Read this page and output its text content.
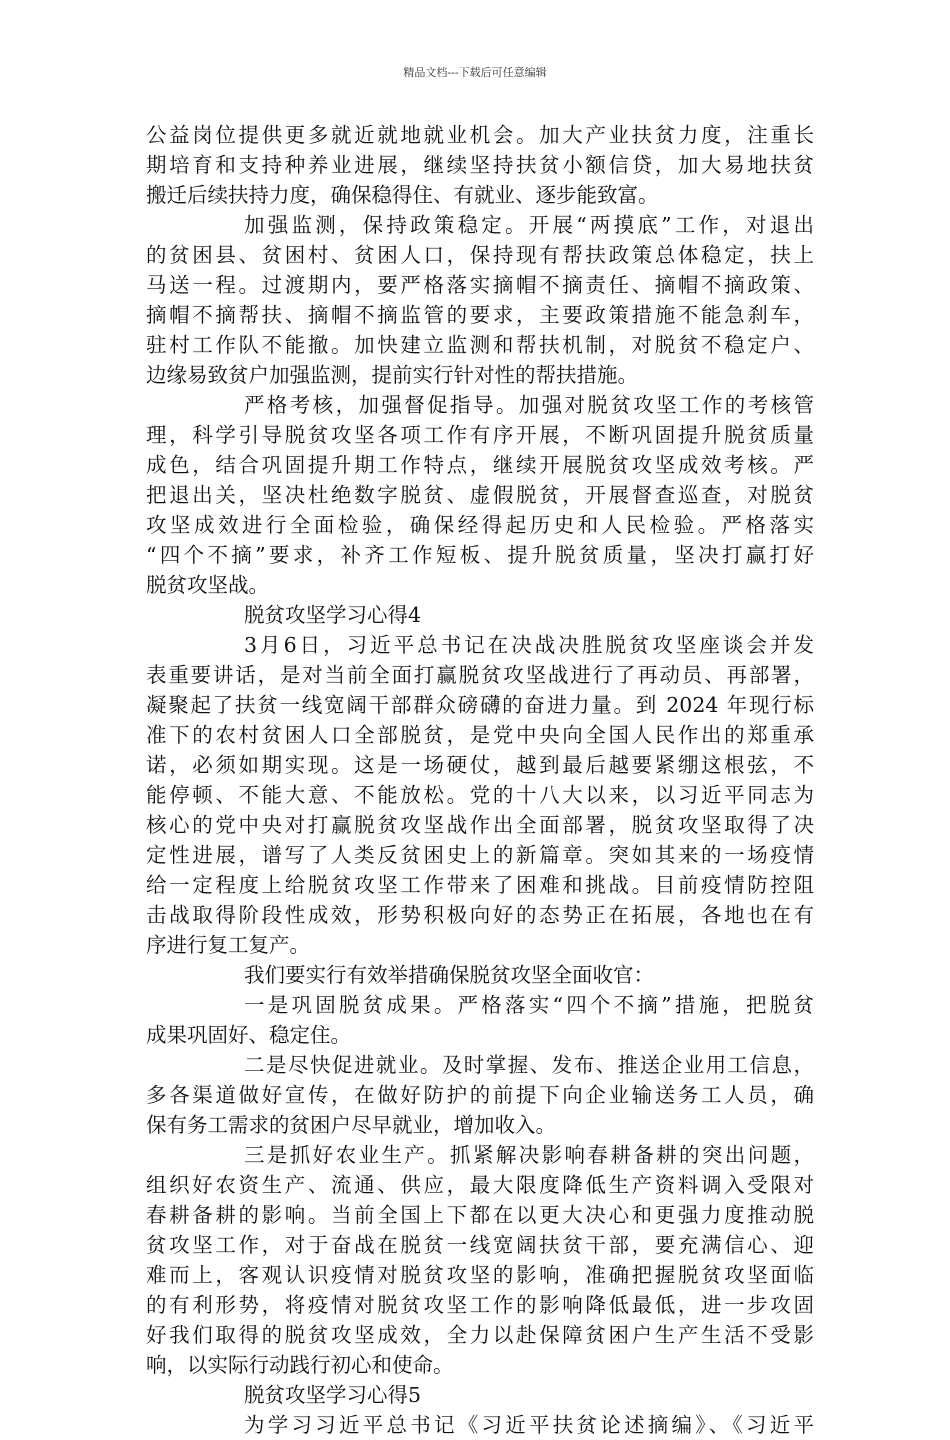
精品文档---下载后可任意编辑
公益岗位提供更多就近就地就业机会。加大产业扶贫力度，注重长
期培育和支持种养业进展，继续坚持扶贫小额信贷，加大易地扶贫
搬迁后续扶持力度，确保稳得住、有就业、逐步能致富。
加强监测，保持政策稳定。开展“两摸底”工作，对退出
的贫困县、贫困村、贫困人口，保持现有帮扶政策总体稳定，扶上
马送一程。过渡期内，要严格落实摘帽不摘责任、摘帽不摘政策、
摘帽不摘帮扶、摘帽不摘监管的要求，主要政策措施不能急刹车，
驻村工作队不能撤。加快建立监测和帮扶机制，对脱贫不稳定户、
边缘易致贫户加强监测，提前实行针对性的帮扶措施。
严格考核，加强督促指导。加强对脱贫攻坚工作的考核管
理，科学引导脱贫攻坚各项工作有序开展，不断巩固提升脱贫质量
成色，结合巩固提升期工作特点，继续开展脱贫攻坚成效考核。严
把退出关，坚决杜绝数字脱贫、虚假脱贫，开展督查巡查，对脱贫
攻坚成效进行全面检验，确保经得起历史和人民检验。严格落实
“四个不摘”要求，补齐工作短板、提升脱贫质量，坚决打赢打好
脱贫攻坚战。
脱贫攻坚学习心得4
3月6日，习近平总书记在决战决胜脱贫攻坚座谈会并发
表重要讲话，是对当前全面打赢脱贫攻坚战进行了再动员、再部署，
凝聚起了扶贫一线宽阔干部群众磅礴的奋进力量。到 2024 年现行标
准下的农村贫困人口全部脱贫，是党中央向全国人民作出的郑重承
诺，必须如期实现。这是一场硬仗，越到最后越要紧绷这根弦，不
能停顿、不能大意、不能放松。党的十八大以来，以习近平同志为
核心的党中央对打赢脱贫攻坚战作出全面部署，脱贫攻坚取得了决
定性进展，谱写了人类反贫困史上的新篇章。突如其来的一场疫情
给一定程度上给脱贫攻坚工作带来了困难和挑战。目前疫情防控阻
击战取得阶段性成效，形势积极向好的态势正在拓展，各地也在有
序进行复工复产。
我们要实行有效举措确保脱贫攻坚全面收官：
一是巩固脱贫成果。严格落实“四个不摘”措施，把脱贫
成果巩固好、稳定住。
二是尽快促进就业。及时掌握、发布、推送企业用工信息，
多各渠道做好宣传，在做好防护的前提下向企业输送务工人员，确
保有务工需求的贫困户尽早就业，增加收入。
三是抓好农业生产。抓紧解决影响春耕备耕的突出问题，
组织好农资生产、流通、供应，最大限度降低生产资料调入受限对
春耕备耕的影响。当前全国上下都在以更大决心和更强力度推动脱
贫攻坚工作，对于奋战在脱贫一线宽阔扶贫干部，要充满信心、迎
难而上，客观认识疫情对脱贫攻坚的影响，准确把握脱贫攻坚面临
的有利形势，将疫情对脱贫攻坚工作的影响降低最低，进一步攻固
好我们取得的脱贫攻坚成效，全力以赴保障贫困户生产生活不受影
响，以实际行动践行初心和使命。
脱贫攻坚学习心得5
为学习习近平总书记《习近平扶贫论述摘编》、《习近平
